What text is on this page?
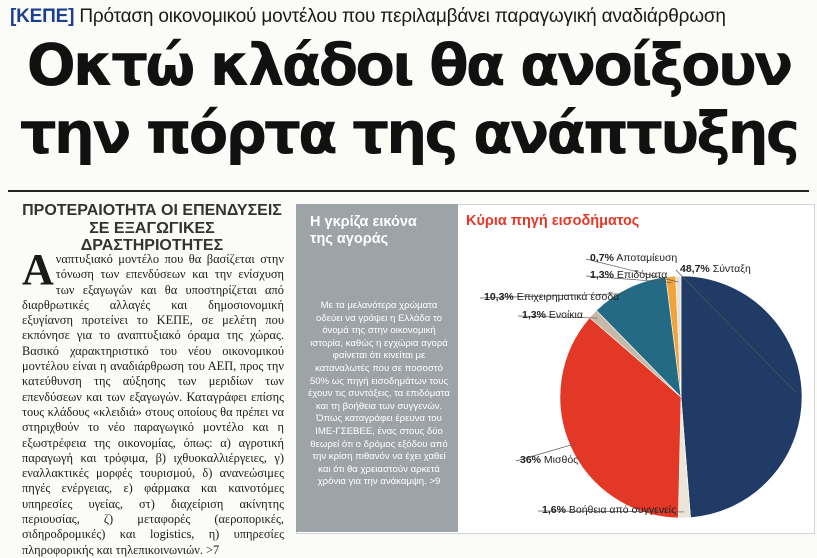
[ΚΕΠΕ] Πρόταση οικονομικού μοντέλου που περιλαμβάνει παραγωγική αναδιάρθρωση
Οκτώ κλάδοι θα ανοίξουν
την πόρτα της ανάπτυξης
ΠΡΟΤΕΡΑΙΟΤΗΤΑ ΟΙ ΕΠΕΝΔΥΣΕΙΣ
ΣΕ ΕΞΑΓΩΓΙΚΕΣ ΔΡΑΣΤΗΡΙΟΤΗΤΕΣ
Α ναπτυξιακό μοντέλο που θα βασίζεται στην τόνωση των επενδύσεων και την ενίσχυση των εξαγωγών και θα υποστηρίζεται από διαρθρωτικές αλλαγές και δημοσιονομική εξυγίανση προτείνει το ΚΕΠΕ, σε μελέτη που εκπόνησε για το αναπτυξιακό όραμα της χώρας. Βασικό χαρακτηριστικό του νέου οικονομικού μοντέλου είναι η αναδιάρθρωση του ΑΕΠ, προς την κατεύθυνση της αύξησης των μεριδίων των επενδύσεων και των εξαγωγών. Καταγράφει επίσης τους κλάδους «κλειδιά» στους οποίους θα πρέπει να στηριχθούν το νέο παραγωγικό μοντέλο και η εξωστρέφεια της οικονομίας, όπως: α) αγροτική παραγωγή και τρόφιμα, β) ιχθυοκαλλιέργειες, γ) εναλλακτικές μορφές τουρισμού, δ) ανανεώσιμες πηγές ενέργειας, ε) φάρμακα και καινοτόμες υπηρεσίες υγείας, στ) διαχείριση ακίνητης περιουσίας, ζ) μεταφορές (αεροπορικές, σιδηροδρομικές) και logistics, η) υπηρεσίες πληροφορικής και τηλεπικοινωνιών. >7
Η γκρίζα εικόνα της αγοράς
Με τα μελανότερα χρώματα οδεύει να γράψει η Ελλάδα το όνομά της στην οικονομική ιστορία, καθώς η εγχώρια αγορά φαίνεται ότι κινείται με καταναλωτές που σε ποσοστό 50% ως πηγή εισοδημάτων τους έχουν τις συντάξεις, τα επιδόματα και τη βοήθεια των συγγενών. Όπως καταγράφει έρευνα του ΙΜΕ-ΓΣΕΒΕΕ, ένας στους δύο θεωρεί ότι ο δρόμος εξόδου από την κρίση πιθανόν να έχει χαθεί και ότι θα χρειαστούν αρκετά χρόνια για την ανάκαμψη. >9
Κύρια πηγή εισοδήματος
48,7% Σύνταξη
1,6% Βοήθεια από συγγενείς
36% Μισθός
1,3% Ενοίκια
10,3% Επιχειρηματικά έσοδα
1,3% Επιδόματα
0,7% Αποταμίευση
